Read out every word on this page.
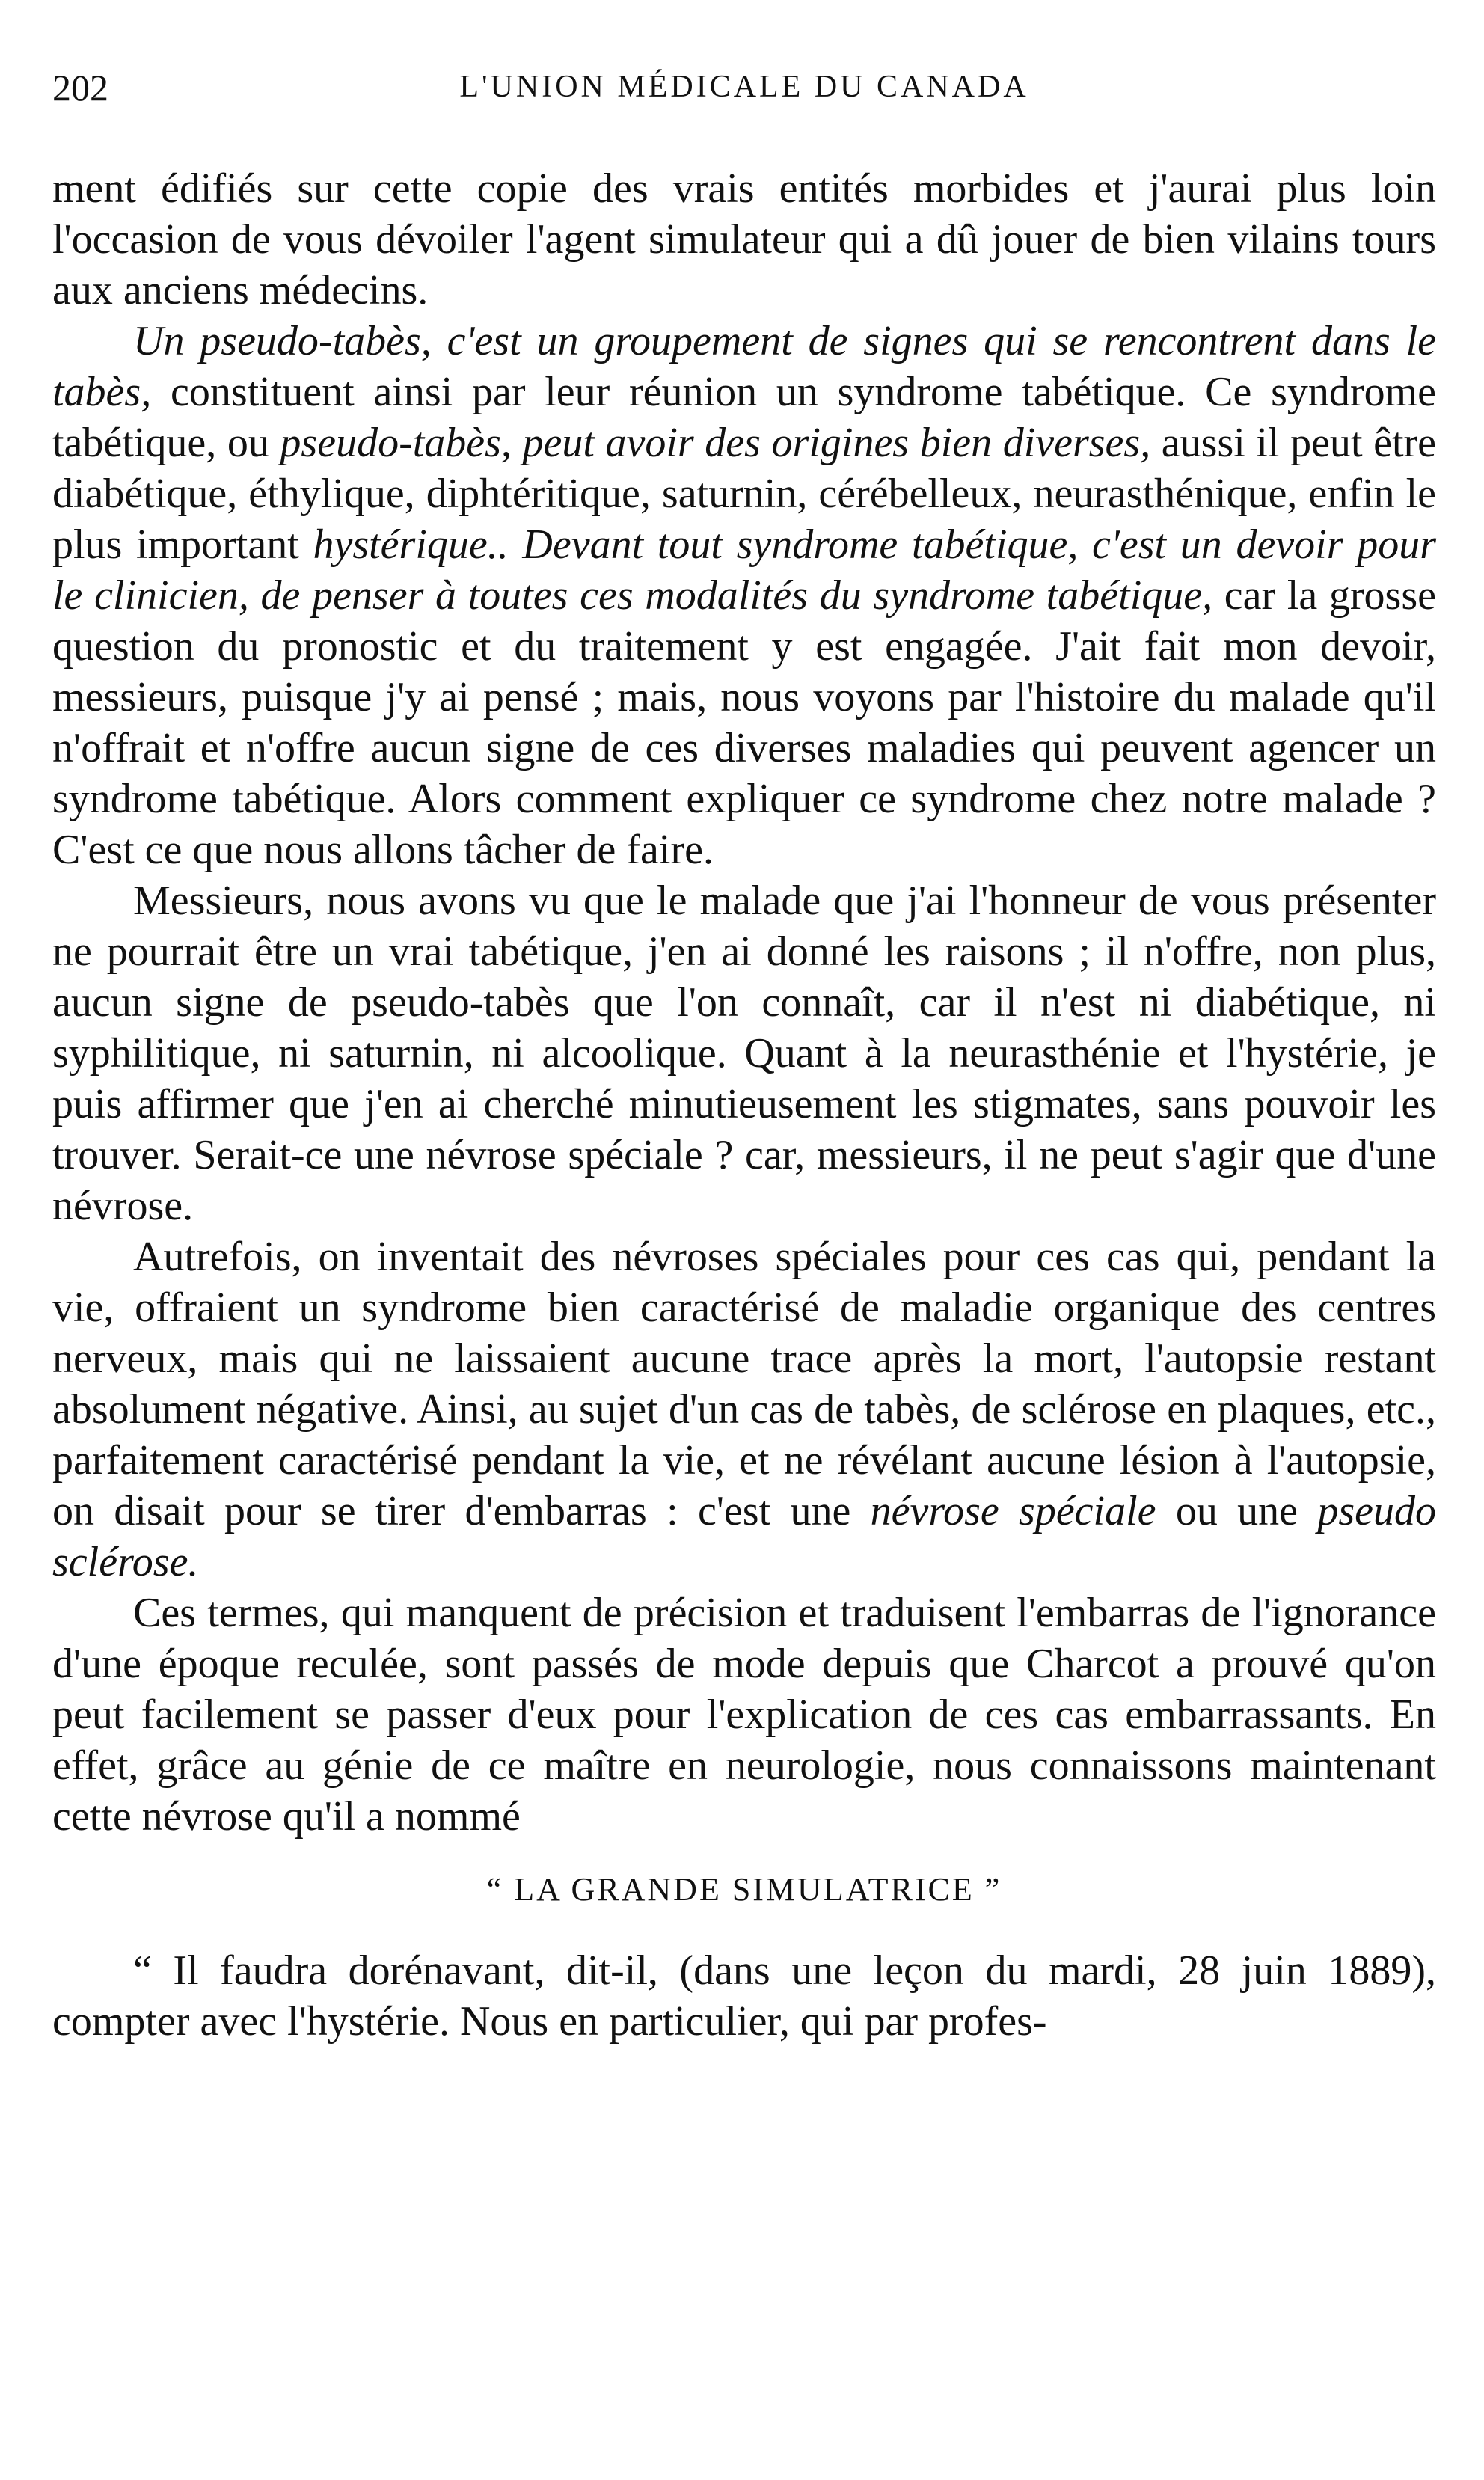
202	L'UNION MÉDICALE DU CANADA

ment édifiés sur cette copie des vrais entités morbides et j'aurai plus loin l'occasion de vous dévoiler l'agent simulateur qui a dû jouer de bien vilains tours aux anciens médecins.

Un pseudo-tabès, c'est un groupement de signes qui se rencontrent dans le tabès, constituent ainsi par leur réunion un syndrome tabétique. Ce syndrome tabétique, ou pseudo-tabès, peut avoir des origines bien diverses, aussi il peut être diabétique, éthylique, diphtéritique, saturnin, cérébelleux, neurasthénique, enfin le plus important hystérique.. Devant tout syndrome tabétique, c'est un devoir pour le clinicien, de penser à toutes ces modalités du syndrome tabétique, car la grosse question du pronostic et du traitement y est engagée. J'ait fait mon devoir, messieurs, puisque j'y ai pensé ; mais, nous voyons par l'histoire du malade qu'il n'offrait et n'offre aucun signe de ces diverses maladies qui peuvent agencer un syndrome tabétique. Alors comment expliquer ce syndrome chez notre malade ? C'est ce que nous allons tâcher de faire.

Messieurs, nous avons vu que le malade que j'ai l'honneur de vous présenter ne pourrait être un vrai tabétique, j'en ai donné les raisons ; il n'offre, non plus, aucun signe de pseudo-tabès que l'on connaît, car il n'est ni diabétique, ni syphilitique, ni saturnin, ni alcoolique. Quant à la neurasthénie et l'hystérie, je puis affirmer que j'en ai cherché minutieusement les stigmates, sans pouvoir les trouver. Serait-ce une névrose spéciale ? car, messieurs, il ne peut s'agir que d'une névrose.

Autrefois, on inventait des névroses spéciales pour ces cas qui, pendant la vie, offraient un syndrome bien caractérisé de maladie organique des centres nerveux, mais qui ne laissaient aucune trace après la mort, l'autopsie restant absolument négative. Ainsi, au sujet d'un cas de tabès, de sclérose en plaques, etc., parfaitement caractérisé pendant la vie, et ne révélant aucune lésion à l'autopsie, on disait pour se tirer d'embarras : c'est une névrose spéciale ou une pseudo sclérose.

Ces termes, qui manquent de précision et traduisent l'embarras de l'ignorance d'une époque reculée, sont passés de mode depuis que Charcot a prouvé qu'on peut facilement se passer d'eux pour l'explication de ces cas embarrassants. En effet, grâce au génie de ce maître en neurologie, nous connaissons maintenant cette névrose qu'il a nommé

“ LA GRANDE SIMULATRICE ”

“ Il faudra dorénavant, dit-il, (dans une leçon du mardi, 28 juin 1889), compter avec l'hystérie. Nous en particulier, qui par profes-
